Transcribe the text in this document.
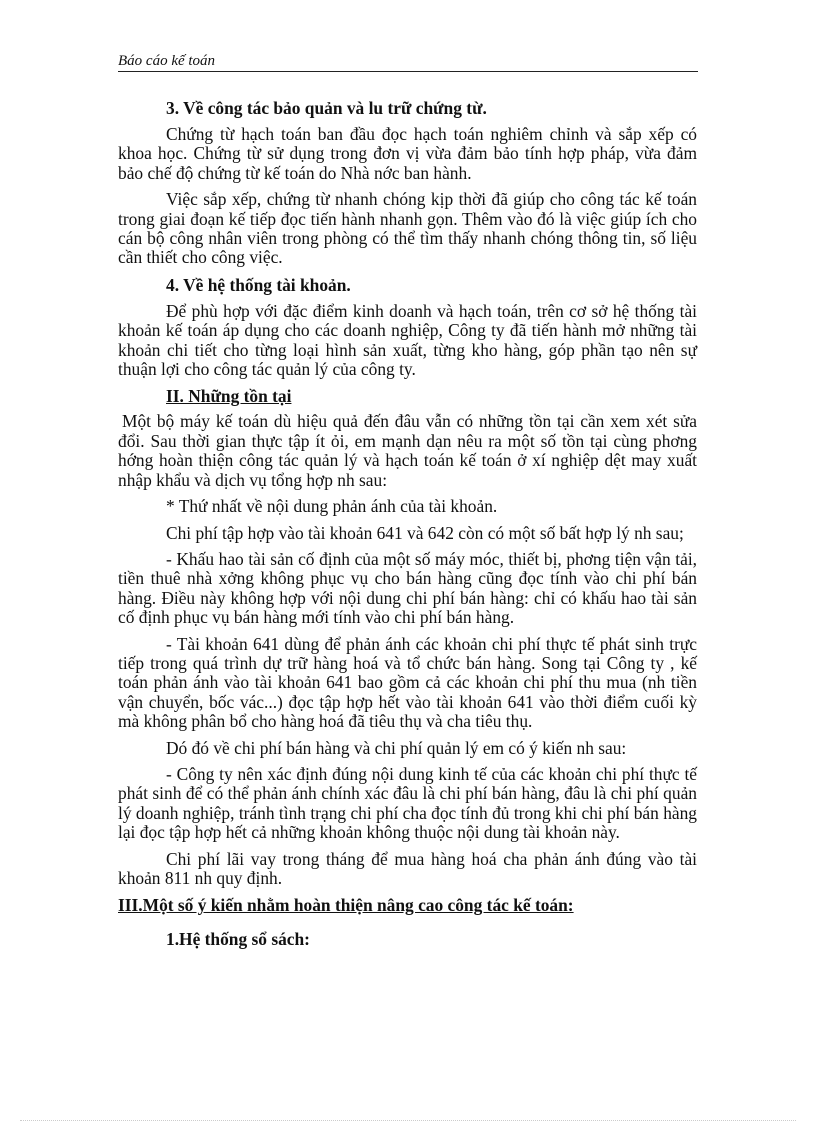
Báo cáo kế toán
3. Về công tác bảo quản và lu trữ chứng từ.

Chứng từ hạch toán ban đầu đọc hạch toán nghiêm chỉnh và sắp xếp có khoa học. Chứng từ sử dụng trong đơn vị vừa đảm bảo tính hợp pháp, vừa đảm bảo chế độ chứng từ kế toán do Nhà nớc ban hành.

Việc sắp xếp, chứng từ nhanh chóng kịp thời đã giúp cho công tác kế toán trong giai đoạn kế tiếp đọc tiến hành nhanh gọn. Thêm vào đó là việc giúp ích cho cán bộ công nhân viên trong phòng có thể tìm thấy nhanh chóng thông tin, số liệu cần thiết cho công việc.

4. Về hệ thống tài khoản.

Để phù hợp với đặc điểm kinh doanh và hạch toán, trên cơ sở hệ thống tài khoản kế toán áp dụng cho các doanh nghiệp, Công ty đã tiến hành mở những tài khoản chi tiết cho từng loại hình sản xuất, từng kho hàng, góp phần tạo nên sự thuận lợi cho công tác quản lý của công ty.

II. Những tồn tại

Một bộ máy kế toán dù hiệu quả đến đâu vẫn có những tồn tại cần xem xét sửa đổi. Sau thời gian thực tập ít ỏi, em mạnh dạn nêu ra một số tồn tại cùng phơng hớng hoàn thiện công tác quản lý và hạch toán kế toán ở xí nghiệp dệt may xuất nhập khẩu và dịch vụ tổng hợp nh sau:

* Thứ nhất về nội dung phản ánh của tài khoản.

Chi phí tập hợp vào tài khoản 641 và 642 còn có một số bất hợp lý nh sau;

- Khấu hao tài sản cố định của một số máy móc, thiết bị, phơng tiện vận tải, tiền thuê nhà xởng không phục vụ cho bán hàng cũng đọc tính vào chi phí bán hàng. Điều này không hợp với nội dung chi phí bán hàng: chỉ có khấu hao tài sản cố định phục vụ bán hàng mới tính vào chi phí bán hàng.

- Tài khoản 641 dùng để phản ánh các khoản chi phí thực tế phát sinh trực tiếp trong quá trình dự trữ hàng hoá và tổ chức bán hàng. Song tại Công ty , kế toán phản ánh vào tài khoản 641 bao gồm cả các khoản chi phí thu mua (nh tiền vận chuyển, bốc vác...) đọc tập hợp hết vào tài khoản 641 vào thời điểm cuối kỳ mà không phân bổ cho hàng hoá đã tiêu thụ và cha tiêu thụ.

Dó đó về chi phí bán hàng và chi phí quản lý em có ý kiến nh sau:

- Công ty nên xác định đúng nội dung kinh tế của các khoản chi phí thực tế phát sinh để có thể phản ánh chính xác đâu là chi phí bán hàng, đâu là chi phí quản lý doanh nghiệp, tránh tình trạng chi phí cha đọc tính đủ trong khi chi phí bán hàng lại đọc tập hợp hết cả những khoản không thuộc nội dung tài khoản này.

Chi phí lãi vay trong tháng để mua hàng hoá cha phản ánh đúng vào tài khoản 811 nh quy định.

III.Một số ý kiến nhằm hoàn thiện nâng cao công tác kế toán:
1.Hệ thống sổ sách:
